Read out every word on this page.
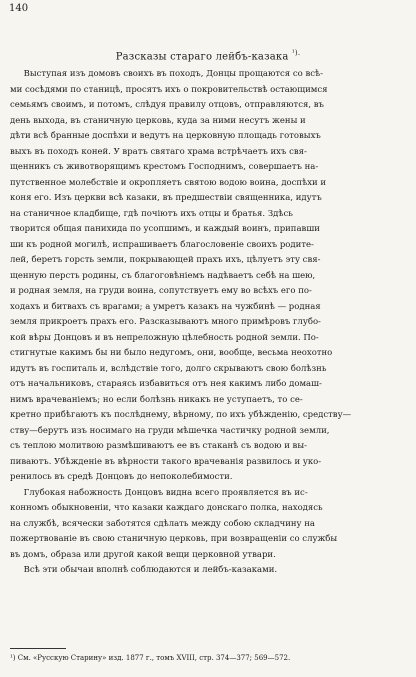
140
Разсказы стараго лейбъ-казака $^{^1).}$
Выступая изъ домовъ своихъ въ походъ, Донцы прощаются со всѣ-
ми сосѣдями по станицѣ, просятъ ихъ о покровительствѣ остающимся
семьямъ своимъ, и потомъ, слѣдуя правилу отцовъ, отправляются, въ
день выхода, въ станичную церковь, куда за ними несутъ жены и
дѣти всѣ бранные доспѣхи и ведутъ на церковную площадь готовыхъ
выхъ въ походъ коней. У вратъ святаго храма встрѣчаетъ ихъ свя-
щенникъ съ животворящимъ крестомъ Господнимъ, совершаетъ на-
путственное молебствіе и окропляетъ святою водою воина, доспѣхи и
коня его. Изъ церкви всѣ казаки, въ предшествіи священника, идутъ
на станичное кладбище, гдѣ почіютъ ихъ отцы и братья. Здѣсь
творится общая панихида по усопшимъ, и каждый воинъ, припавши
ши къ родной могилѣ, испрашиваетъ благословеніе своихъ родите-
лей, беретъ горсть земли, покрывающей прахъ ихъ, цѣлуетъ эту свя-
щенную персть родины, съ благоговѣніемъ надѣваетъ себѣ на шею,
и родная земля, на груди воина, сопутствуетъ ему во всѣхъ его по-
ходахъ и битвахъ съ врагами; а умретъ казакъ на чужбинѣ — родная
земля прикроетъ прахъ его. Разсказываютъ много примѣровъ глубо-
кой вѣры Донцовъ и въ непреложную цѣлебность родной земли. По-
стигнутые какимъ бы ни было недугомъ, они, вообще, весьма неохотно
идутъ въ госпиталь и, вслѣдствіе того, долго скрываютъ свою болѣзнь
отъ начальниковъ, стараясь избавиться отъ нея какимъ либо домаш-
нимъ врачеваніемъ; но если болѣзнь никакъ не уступаетъ, то се-
кретно прибѣгаютъ къ послѣднему, вѣрному, по ихъ убѣжденію, средству—
ству—берутъ изъ носимаго на груди мѣшечка частичку родной земли,
съ теплою молитвою размѣшиваютъ ее въ стаканѣ съ водою и вы-
пиваютъ. Убѣжденіе въ вѣрности такого врачеванія развилось и уко-
ренилось въ средѣ Донцовъ до непоколебимости.
Глубокая набожность Донцовъ видна всего проявляется въ ис-
конномъ обыкновеніи, что казаки каждаго донскаго полка, находясь
на службѣ, всячески заботятся сдѣлать между собою складчину на
пожертвованіе въ свою станичную церковь, при возвращеніи со службы
въ домъ, образа или другой какой вещи церковной утвари.
Всѣ эти обычаи вполнѣ соблюдаются и лейбъ-казаками.
¹) См. «Русскую Старину» изд. 1877 г., томъ XVIII, стр. 374—377; 569—572.
